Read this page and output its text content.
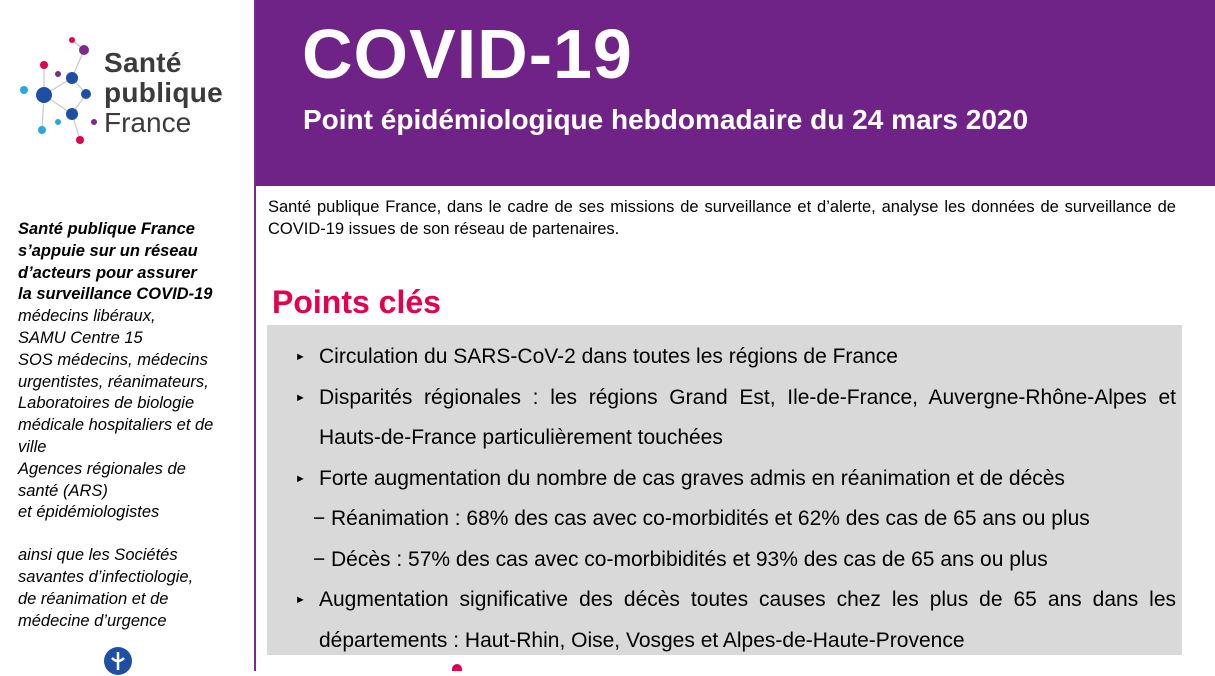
Santé
publique
France
Santé publique France
s’appuie sur un réseau
d’acteurs pour assurer
la surveillance COVID-19
médecins libéraux,
SAMU Centre 15
SOS médecins, médecins
urgentistes, réanimateurs,
Laboratoires de biologie
médicale hospitaliers et de
ville
Agences régionales de
santé (ARS)
et épidémiologistes
ainsi que les Sociétés
savantes d’infectiologie,
de réanimation et de
médecine d’urgence
COVID-19
Point épidémiologique hebdomadaire du 24 mars 2020
Santé publique France, dans le cadre de ses missions de surveillance et d’alerte, analyse les données de surveillance de COVID-19 issues de son réseau de partenaires.
Points clés
► Circulation du SARS-CoV-2 dans toutes les régions de France
► Disparités régionales : les régions Grand Est, Ile-de-France, Auvergne-Rhône-Alpes et Hauts-de-France particulièrement touchées
► Forte augmentation du nombre de cas graves admis en réanimation et de décès
− Réanimation : 68% des cas avec co-morbidités et 62% des cas de 65 ans ou plus
− Décès : 57% des cas avec co-morbibidités et 93% des cas de 65 ans ou plus
► Augmentation significative des décès toutes causes chez les plus de 65 ans dans les départements : Haut-Rhin, Oise, Vosges et Alpes-de-Haute-Provence
